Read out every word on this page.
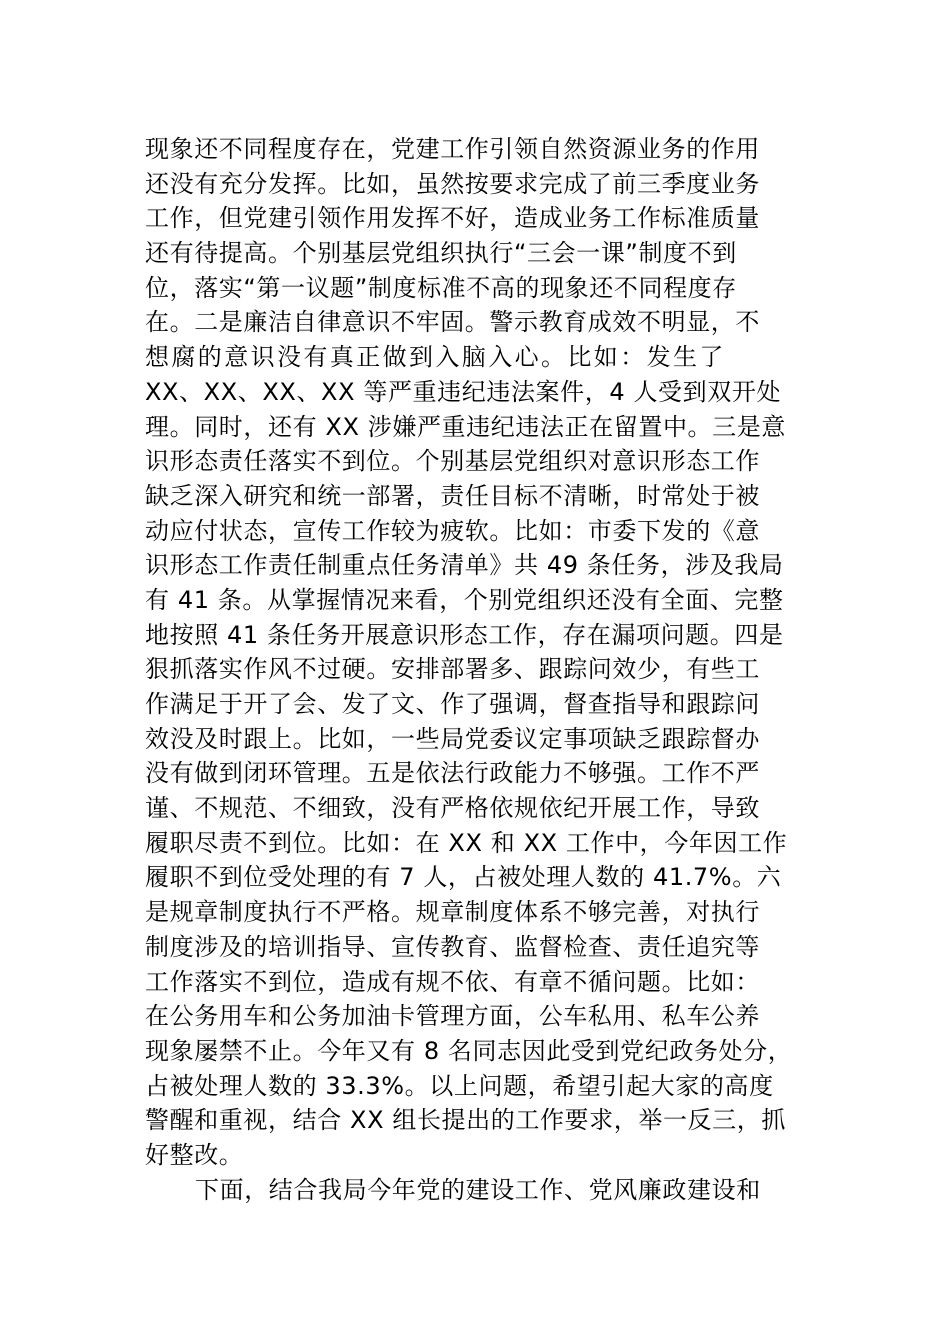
现象还不同程度存在，党建工作引领自然资源业务的作用
还没有充分发挥。比如，虽然按要求完成了前三季度业务
工作，但党建引领作用发挥不好，造成业务工作标准质量
还有待提高。个别基层党组织执行“三会一课”制度不到
位，落实“第一议题”制度标准不高的现象还不同程度存
在。二是廉洁自律意识不牢固。警示教育成效不明显，不
想腐的意识没有真正做到入脑入心。比如：发生了
XX、XX、XX、XX 等严重违纪违法案件，4 人受到双开处
理。同时，还有 XX 涉嫌严重违纪违法正在留置中。三是意
识形态责任落实不到位。个别基层党组织对意识形态工作
缺乏深入研究和统一部署，责任目标不清晰，时常处于被
动应付状态，宣传工作较为疲软。比如：市委下发的《意
识形态工作责任制重点任务清单》共 49 条任务，涉及我局
有 41 条。从掌握情况来看，个别党组织还没有全面、完整
地按照 41 条任务开展意识形态工作，存在漏项问题。四是
狠抓落实作风不过硬。安排部署多、跟踪问效少，有些工
作满足于开了会、发了文、作了强调，督查指导和跟踪问
效没及时跟上。比如，一些局党委议定事项缺乏跟踪督办
没有做到闭环管理。五是依法行政能力不够强。工作不严
谨、不规范、不细致，没有严格依规依纪开展工作，导致
履职尽责不到位。比如：在 XX 和 XX 工作中，今年因工作
履职不到位受处理的有 7 人，占被处理人数的 41.7%。六
是规章制度执行不严格。规章制度体系不够完善，对执行
制度涉及的培训指导、宣传教育、监督检查、责任追究等
工作落实不到位，造成有规不依、有章不循问题。比如：
在公务用车和公务加油卡管理方面，公车私用、私车公养
现象屡禁不止。今年又有 8 名同志因此受到党纪政务处分，
占被处理人数的 33.3%。以上问题，希望引起大家的高度
警醒和重视，结合 XX 组长提出的工作要求，举一反三，抓
好整改。
下面，结合我局今年党的建设工作、党风廉政建设和
